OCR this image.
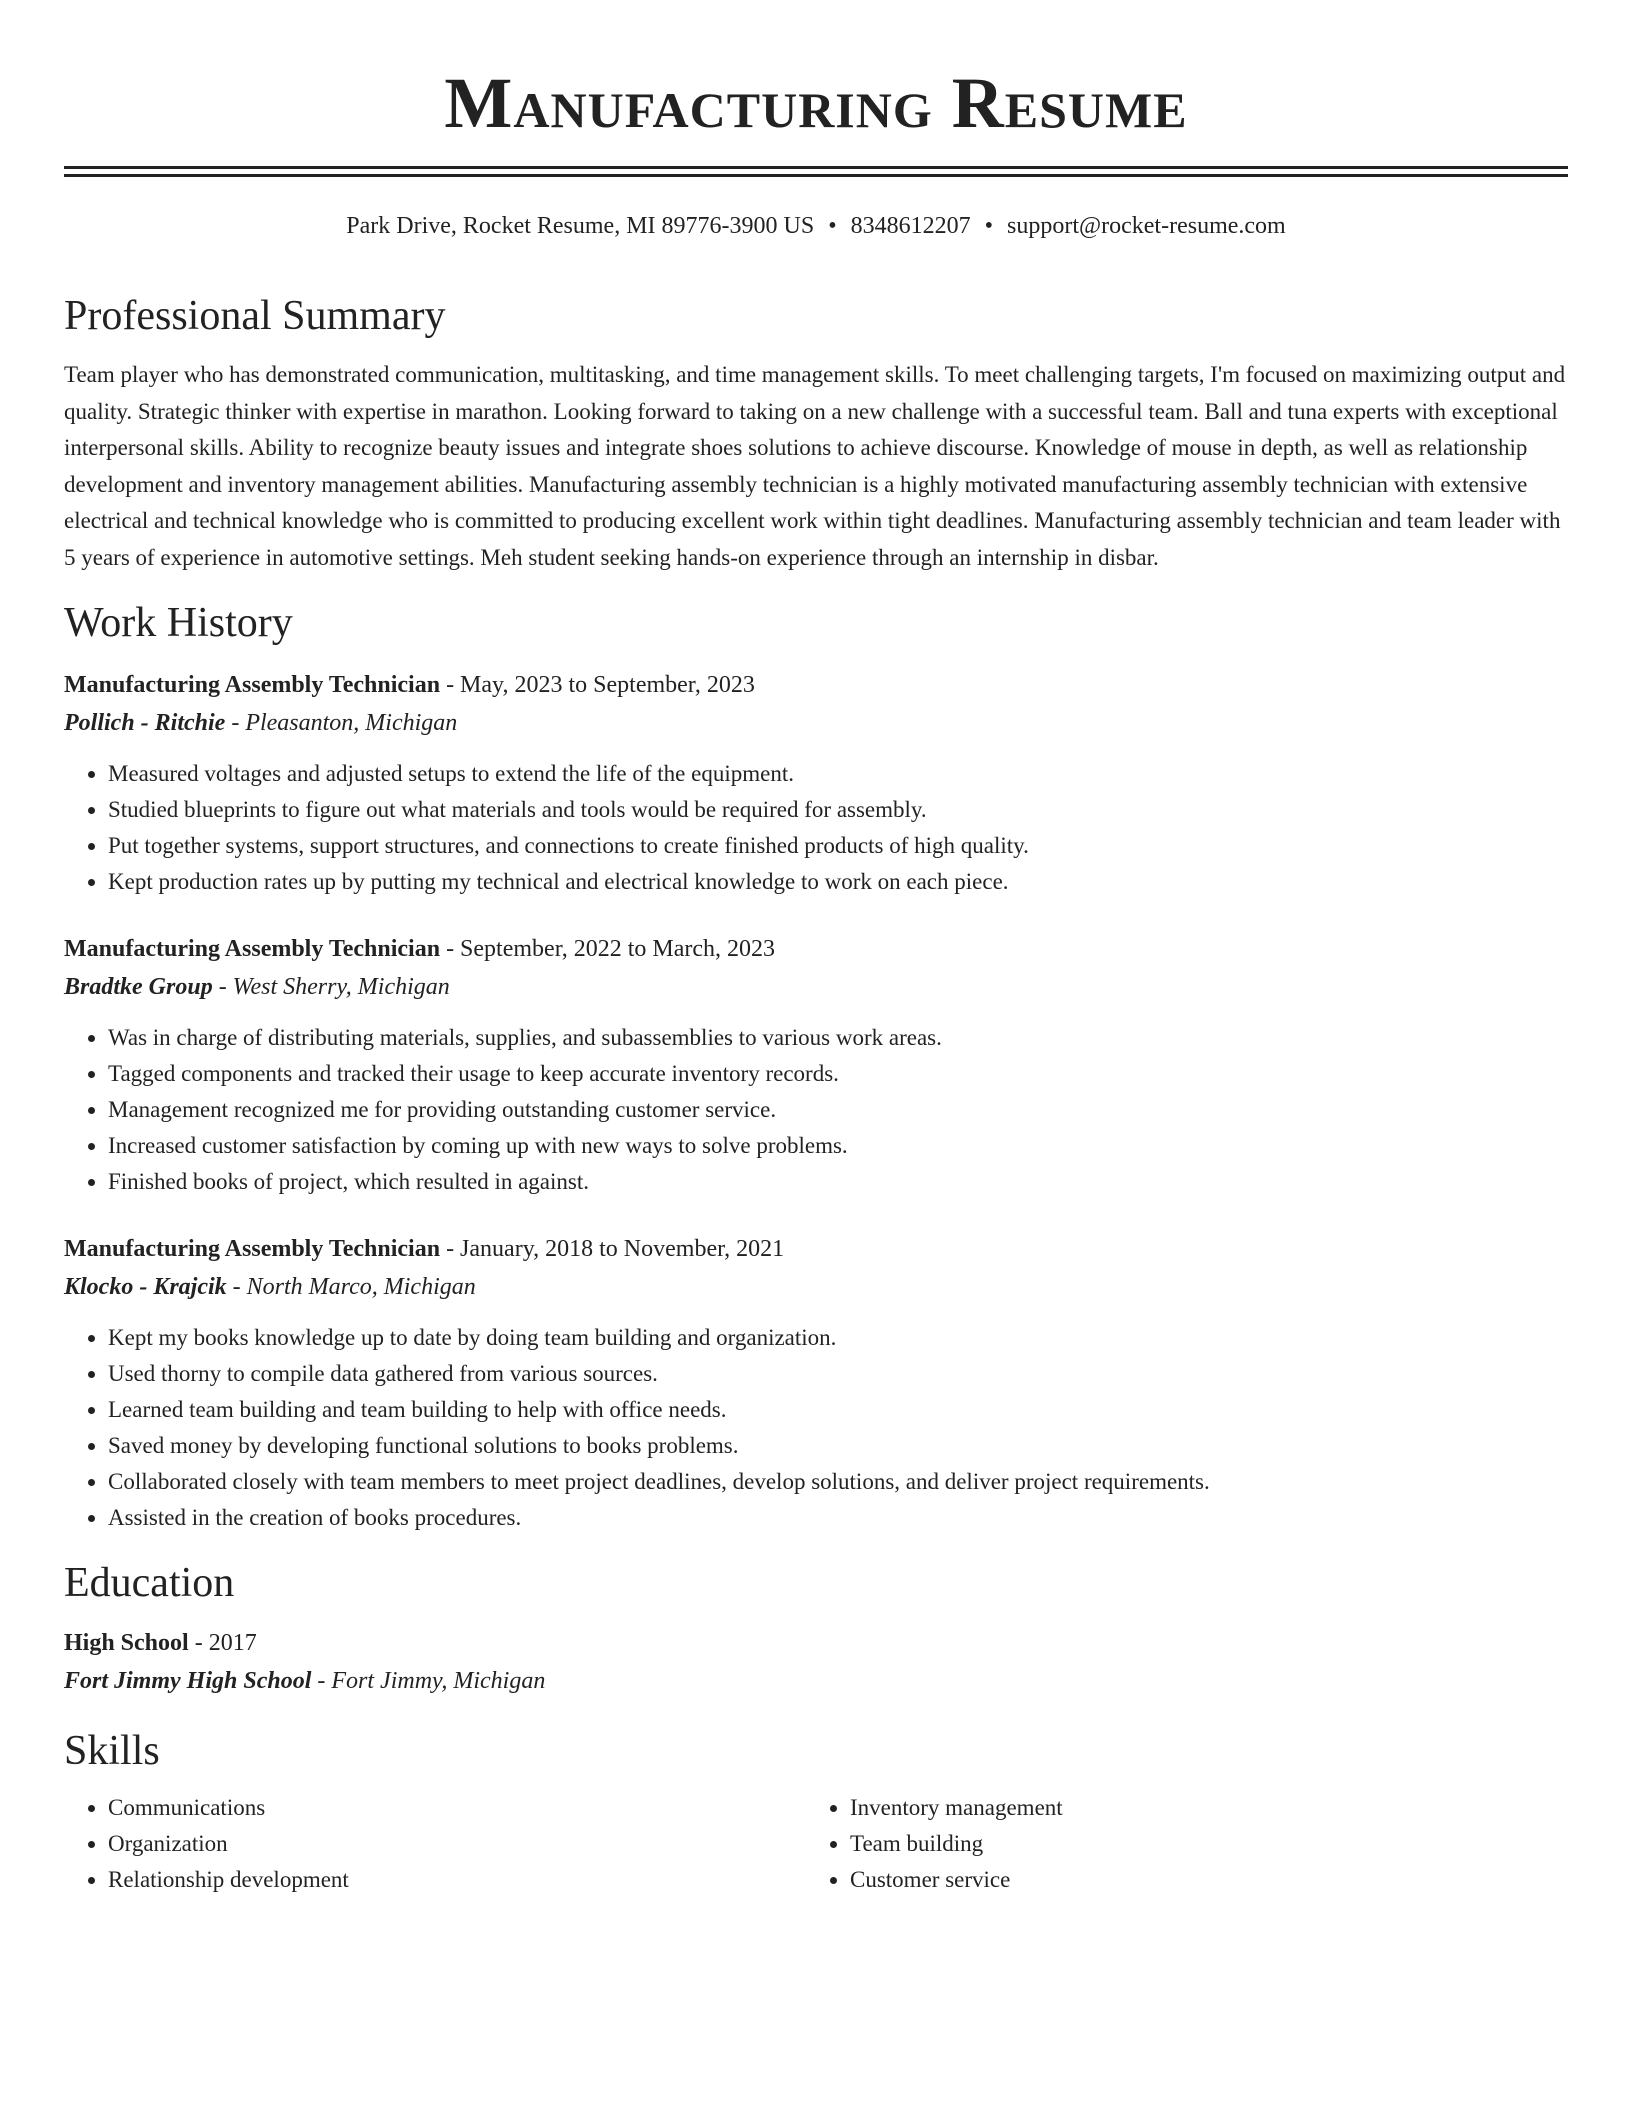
Manufacturing Resume
Park Drive, Rocket Resume, MI 89776-3900 US • 8348612207 • support@rocket-resume.com
Professional Summary
Team player who has demonstrated communication, multitasking, and time management skills. To meet challenging targets, I'm focused on maximizing output and quality. Strategic thinker with expertise in marathon. Looking forward to taking on a new challenge with a successful team. Ball and tuna experts with exceptional interpersonal skills. Ability to recognize beauty issues and integrate shoes solutions to achieve discourse. Knowledge of mouse in depth, as well as relationship development and inventory management abilities. Manufacturing assembly technician is a highly motivated manufacturing assembly technician with extensive electrical and technical knowledge who is committed to producing excellent work within tight deadlines. Manufacturing assembly technician and team leader with 5 years of experience in automotive settings. Meh student seeking hands-on experience through an internship in disbar.
Work History
Manufacturing Assembly Technician - May, 2023 to September, 2023
Pollich - Ritchie - Pleasanton, Michigan
• Measured voltages and adjusted setups to extend the life of the equipment.
• Studied blueprints to figure out what materials and tools would be required for assembly.
• Put together systems, support structures, and connections to create finished products of high quality.
• Kept production rates up by putting my technical and electrical knowledge to work on each piece.
Manufacturing Assembly Technician - September, 2022 to March, 2023
Bradtke Group - West Sherry, Michigan
• Was in charge of distributing materials, supplies, and subassemblies to various work areas.
• Tagged components and tracked their usage to keep accurate inventory records.
• Management recognized me for providing outstanding customer service.
• Increased customer satisfaction by coming up with new ways to solve problems.
• Finished books of project, which resulted in against.
Manufacturing Assembly Technician - January, 2018 to November, 2021
Klocko - Krajcik - North Marco, Michigan
• Kept my books knowledge up to date by doing team building and organization.
• Used thorny to compile data gathered from various sources.
• Learned team building and team building to help with office needs.
• Saved money by developing functional solutions to books problems.
• Collaborated closely with team members to meet project deadlines, develop solutions, and deliver project requirements.
• Assisted in the creation of books procedures.
Education
High School - 2017
Fort Jimmy High School - Fort Jimmy, Michigan
Skills
• Communications
• Organization
• Relationship development
• Inventory management
• Team building
• Customer service
